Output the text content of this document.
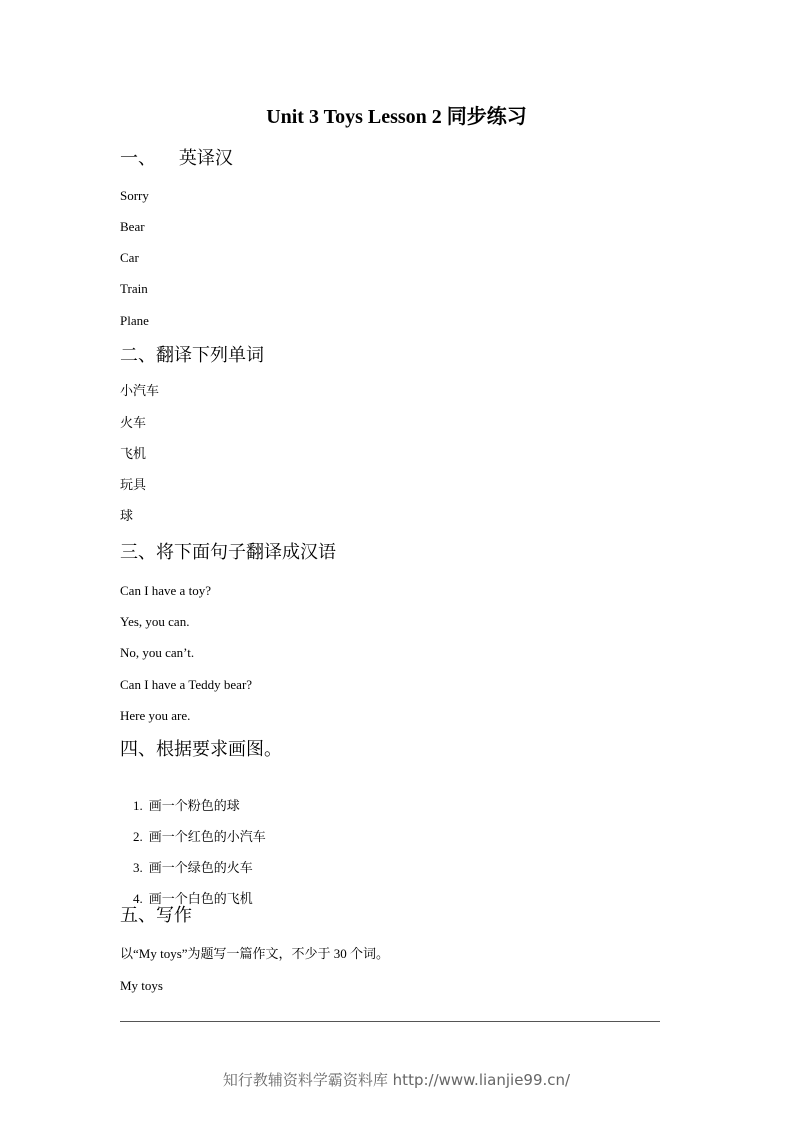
Unit 3 Toys Lesson 2 同步练习
一、    英译汉
Sorry
Bear
Car
Train
Plane
二、翻译下列单词
小汽车
火车
飞机
玩具
球
三、将下面句子翻译成汉语
Can I have a toy?
Yes, you can.
No, you can’t.
Can I have a Teddy bear?
Here you are.
四、根据要求画图。

1. 画一个粉色的球

2. 画一个红色的小汽车

3. 画一个绿色的火车

4. 画一个白色的飞机

五、写作
以“My toys”为题写一篇作文，不少于 30 个词。
My toys
知行教辅资料学霸资料库 http://www.lianjie99.cn/
